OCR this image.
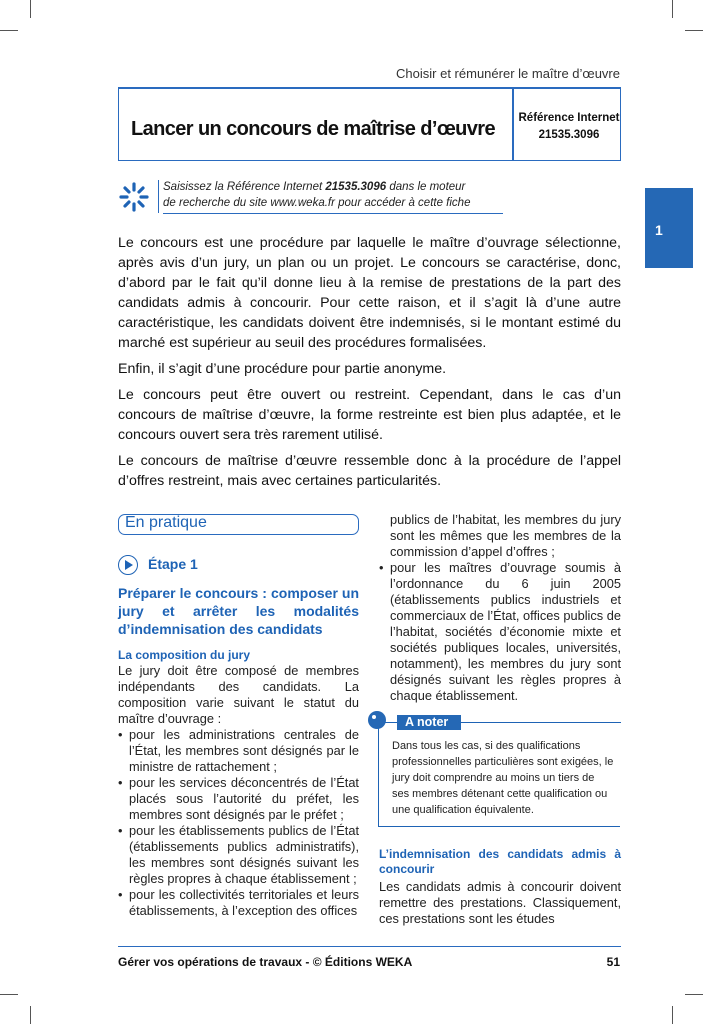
Choisir et rémunérer le maître d’œuvre
Lancer un concours de maîtrise d’œuvre Référence Internet
21535.3096
Saisissez la Référence Internet 21535.3096 dans le moteur
de recherche du site www.weka.fr pour accéder à cette fiche
1

Le concours est une procédure par laquelle le maître d’ouvrage sélectionne, après avis d’un jury, un plan ou un projet. Le concours se caractérise, donc, d’abord par le fait qu’il donne lieu à la remise de prestations de la part des candidats admis à concourir. Pour cette raison, et il s’agit là d’une autre caractéristique, les candidats doivent être indemnisés, si le montant estimé du marché est supérieur au seuil des procédures formalisées.

Enfin, il s’agit d’une procédure pour partie anonyme.

Le concours peut être ouvert ou restreint. Cependant, dans le cas d’un concours de maîtrise d’œuvre, la forme restreinte est bien plus adaptée, et le concours ouvert sera très rarement utilisé.

Le concours de maîtrise d’œuvre ressemble donc à la procédure de l’appel d’offres restreint, mais avec certaines particularités.

En pratique
Étape 1
Préparer le concours : composer un jury et arrêter les modalités d’indemnisation des candidats
La composition du jury

Le jury doit être composé de membres indépendants des candidats. La composition varie suivant le statut du maître d’ouvrage :

• pour les administrations centrales de l’État, les membres sont désignés par le ministre de rattachement ;
• pour les services déconcentrés de l’État placés sous l’autorité du préfet, les membres sont désignés par le préfet ;
• pour les établissements publics de l’État (établissements publics administratifs), les membres sont désignés suivant les règles propres à chaque établissement ;
• pour les collectivités territoriales et leurs établissements, à l’exception des offices

publics de l’habitat, les membres du jury sont les mêmes que les membres de la commission d’appel d’offres ;

• pour les maîtres d’ouvrage soumis à l’ordonnance du 6 juin 2005 (établissements publics industriels et commerciaux de l’État, offices publics de l’habitat, sociétés d’économie mixte et sociétés publiques locales, universités, notamment), les membres du jury sont désignés suivant les règles propres à chaque établissement.
A noter
Dans tous les cas, si des qualifications professionnelles particulières sont exigées, le jury doit comprendre au moins un tiers de ses membres détenant cette qualification ou une qualification équivalente.
L’indemnisation des candidats admis à concourir

Les candidats admis à concourir doivent remettre des prestations. Classiquement, ces prestations sont les études

Gérer vos opérations de travaux - © Éditions WEKA	51
